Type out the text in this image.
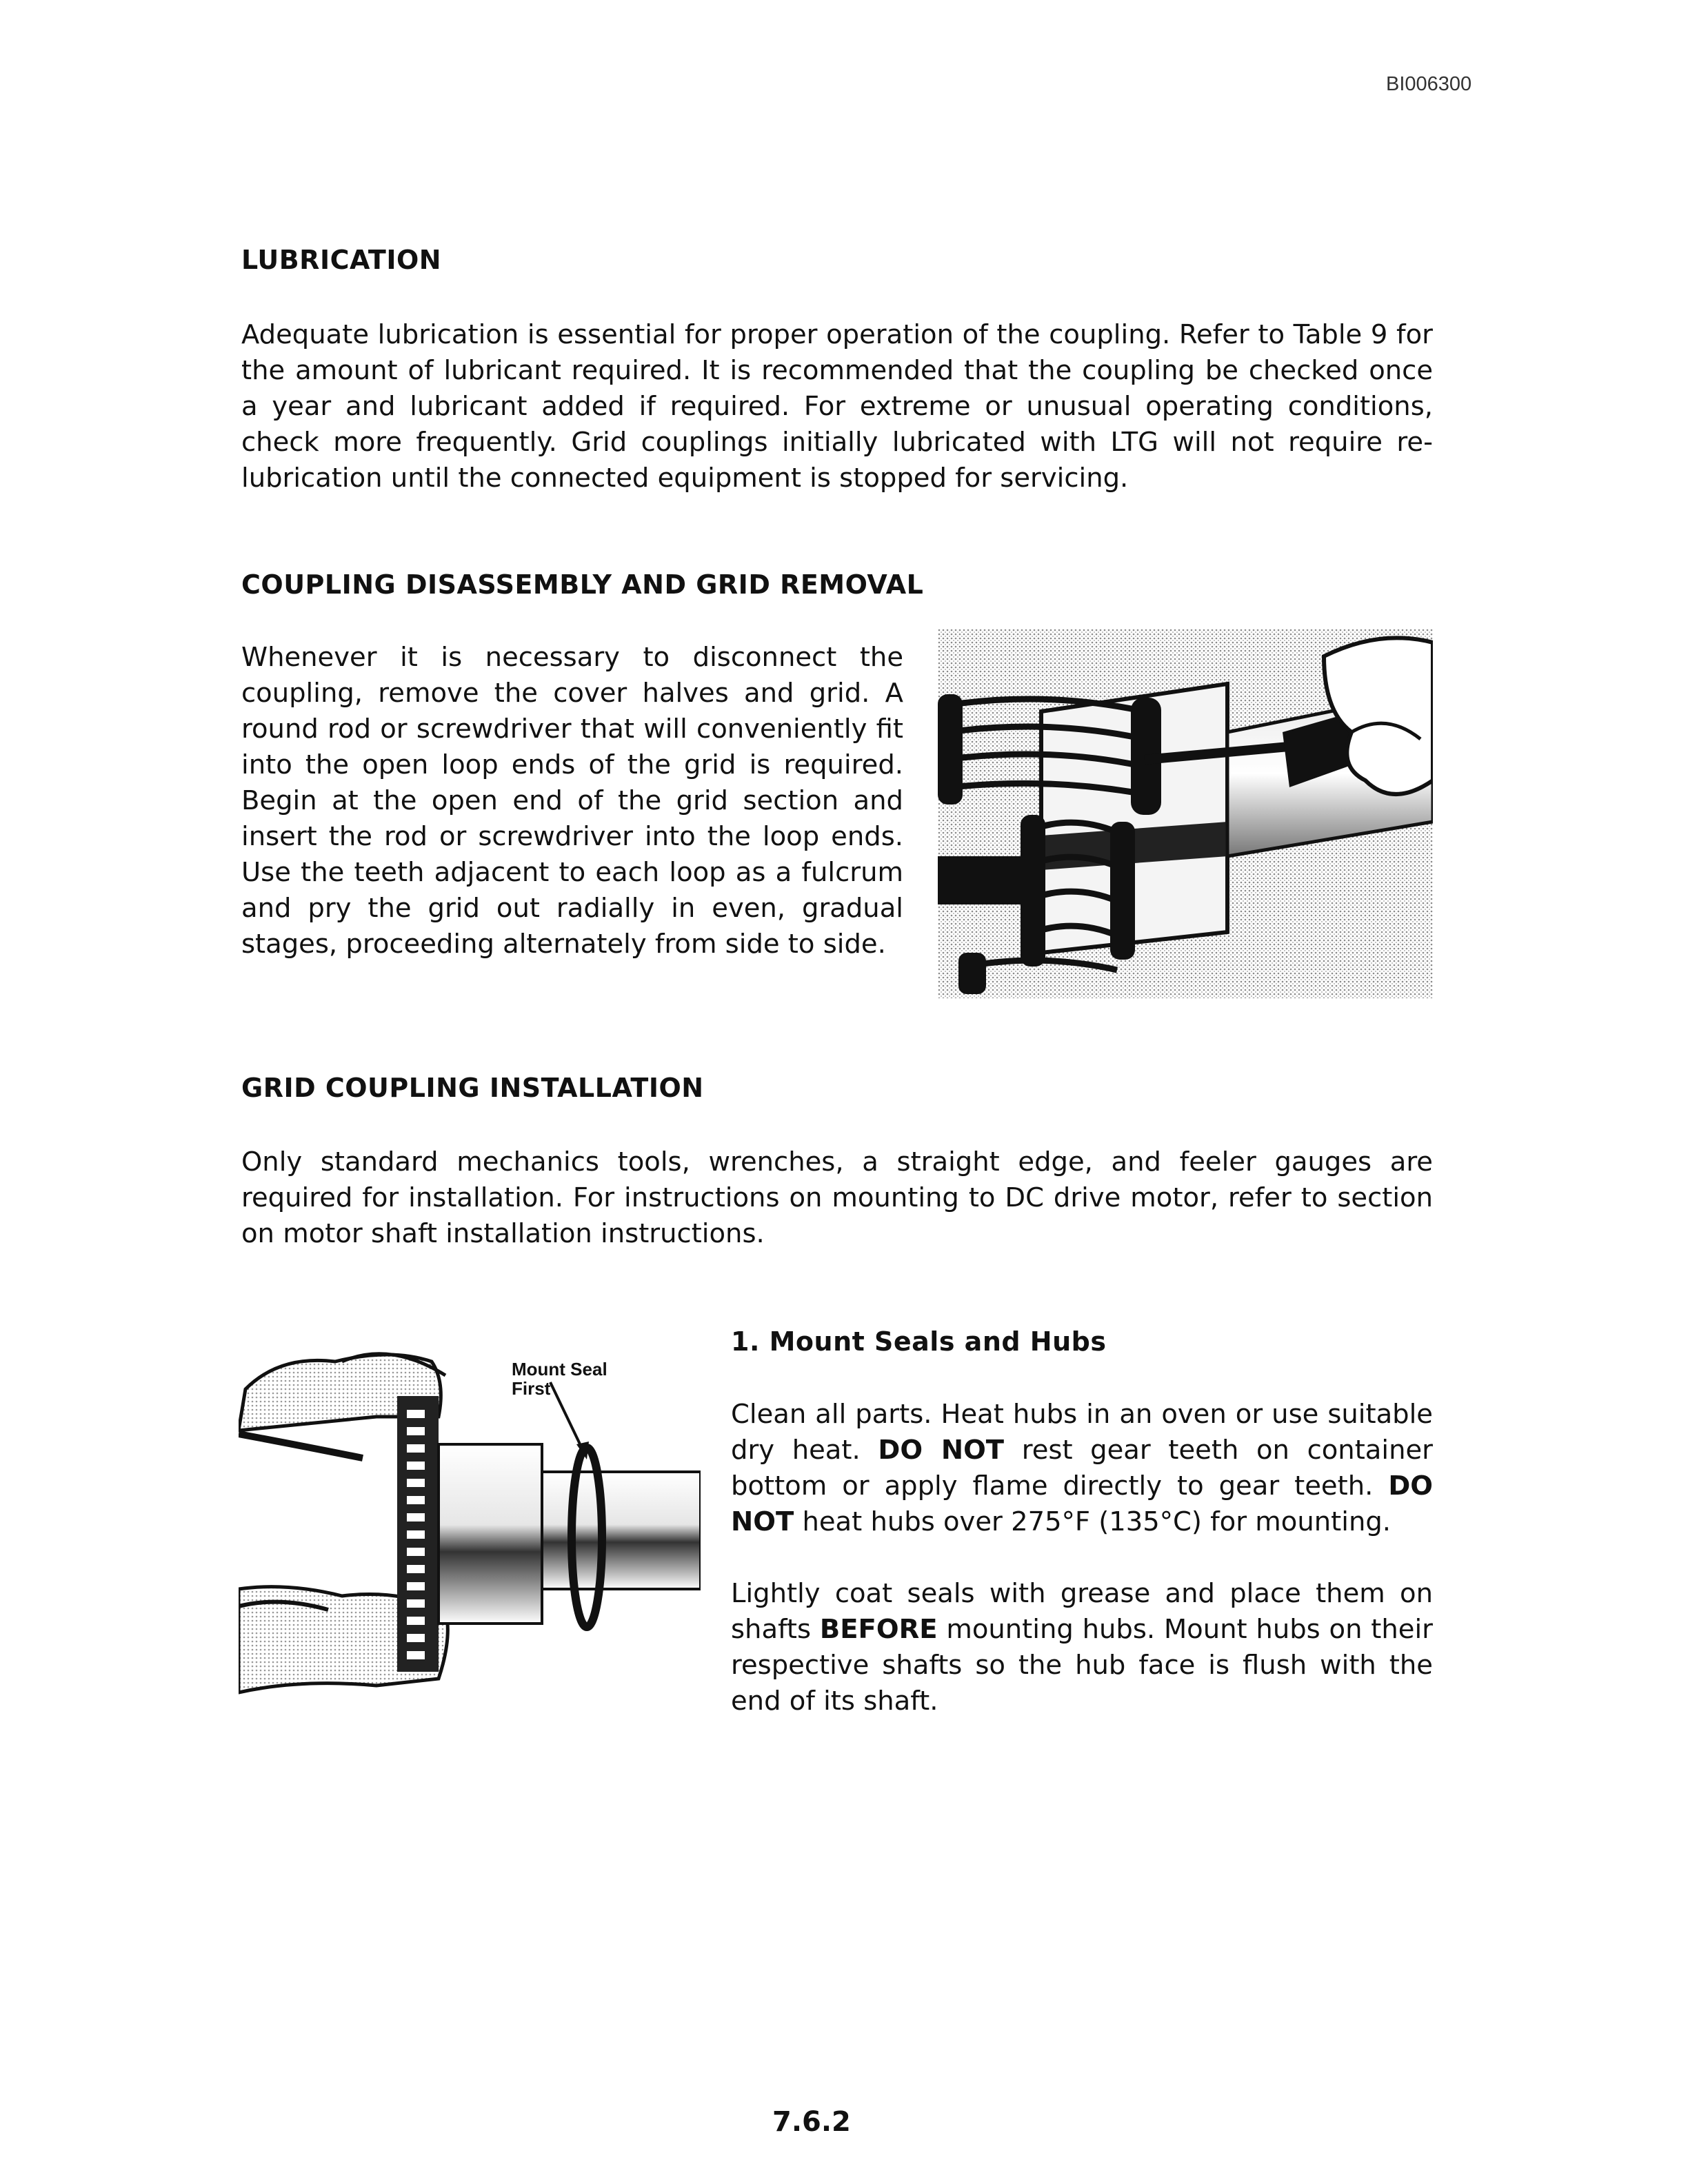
BI006300
LUBRICATION

Adequate lubrication is essential for proper operation of the coupling. Refer to Table 9 for the amount of lubricant required. It is recommended that the coupling be checked once a year and lubricant added if required. For extreme or unusual operating conditions, check more frequently. Grid couplings initially lubricated with LTG will not require re-lubrication until the connected equipment is stopped for servicing.

COUPLING DISASSEMBLY AND GRID REMOVAL

Whenever it is necessary to disconnect the coupling, remove the cover halves and grid. A round rod or screwdriver that will conveniently fit into the open loop ends of the grid is required. Begin at the open end of the grid section and insert the rod or screwdriver into the loop ends. Use the teeth adjacent to each loop as a fulcrum and pry the grid out radially in even, gradual stages, proceeding alternately from side to side.

GRID COUPLING INSTALLATION

Only standard mechanics tools, wrenches, a straight edge, and feeler gauges are required for installation. For instructions on mounting to DC drive motor, refer to section on motor shaft installation instructions.

Mount Seal
First
1. Mount Seals and Hubs

Clean all parts. Heat hubs in an oven or use suitable dry heat. DO NOT rest gear teeth on container bottom or apply flame directly to gear teeth. DO NOT heat hubs over 275°F (135°C) for mounting.

Lightly coat seals with grease and place them on shafts BEFORE mounting hubs. Mount hubs on their respective shafts so the hub face is flush with the end of its shaft.

7.6.2
